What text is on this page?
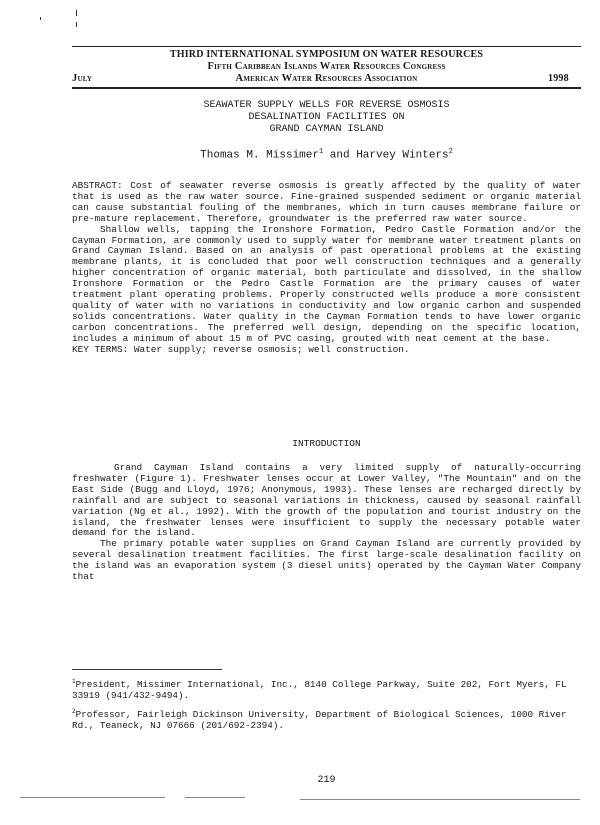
THIRD INTERNATIONAL SYMPOSIUM ON WATER RESOURCES
Fifth Caribbean Islands Water Resources Congress
July	American Water Resources Association	1998
SEAWATER SUPPLY WELLS FOR REVERSE OSMOSIS
DESALINATION FACILITIES ON
GRAND CAYMAN ISLAND
Thomas M. Missimer$^1$ and Harvey Winters$^2$

ABSTRACT: Cost of seawater reverse osmosis is greatly affected by the quality of water that is used as the raw water source. Fine-grained suspended sediment or organic material can cause substantial fouling of the membranes, which in turn causes membrane failure or pre-mature replacement. Therefore, groundwater is the preferred raw water source.

Shallow wells, tapping the Ironshore Formation, Pedro Castle Formation and/or the Cayman Formation, are commonly used to supply water for membrane water treatment plants on Grand Cayman Island. Based on an analysis of past operational problems at the existing membrane plants, it is concluded that poor well construction techniques and a generally higher concentration of organic material, both particulate and dissolved, in the shallow Ironshore Formation or the Pedro Castle Formation are the primary causes of water treatment plant operating problems. Properly constructed wells produce a more consistent quality of water with no variations in conductivity and low organic carbon and suspended solids concentrations. Water quality in the Cayman Formation tends to have lower organic carbon concentrations. The preferred well design, depending on the specific location, includes a minimum of about 15 m of PVC casing, grouted with neat cement at the base.

KEY TERMS: Water supply; reverse osmosis; well construction.

INTRODUCTION

Grand Cayman Island contains a very limited supply of naturally-occurring freshwater (Figure 1). Freshwater lenses occur at Lower Valley, "The Mountain" and on the East Side (Bugg and Lloyd, 1976; Anonymous, 1993). These lenses are recharged directly by rainfall and are subject to seasonal variations in thickness, caused by seasonal rainfall variation (Ng et al., 1992). With the growth of the population and tourist industry on the island, the freshwater lenses were insufficient to supply the necessary potable water demand for the island.

The primary potable water supplies on Grand Cayman Island are currently provided by several desalination treatment facilities. The first large-scale desalination facility on the island was an evaporation system (3 diesel units) operated by the Cayman Water Company that

$^1$President, Missimer International, Inc., 8140 College Parkway, Suite 202, Fort Myers, FL 33919 (941/432-9494).
$^2$Professor, Fairleigh Dickinson University, Department of Biological Sciences, 1000 River Rd., Teaneck, NJ 07666 (201/692-2394).
219
